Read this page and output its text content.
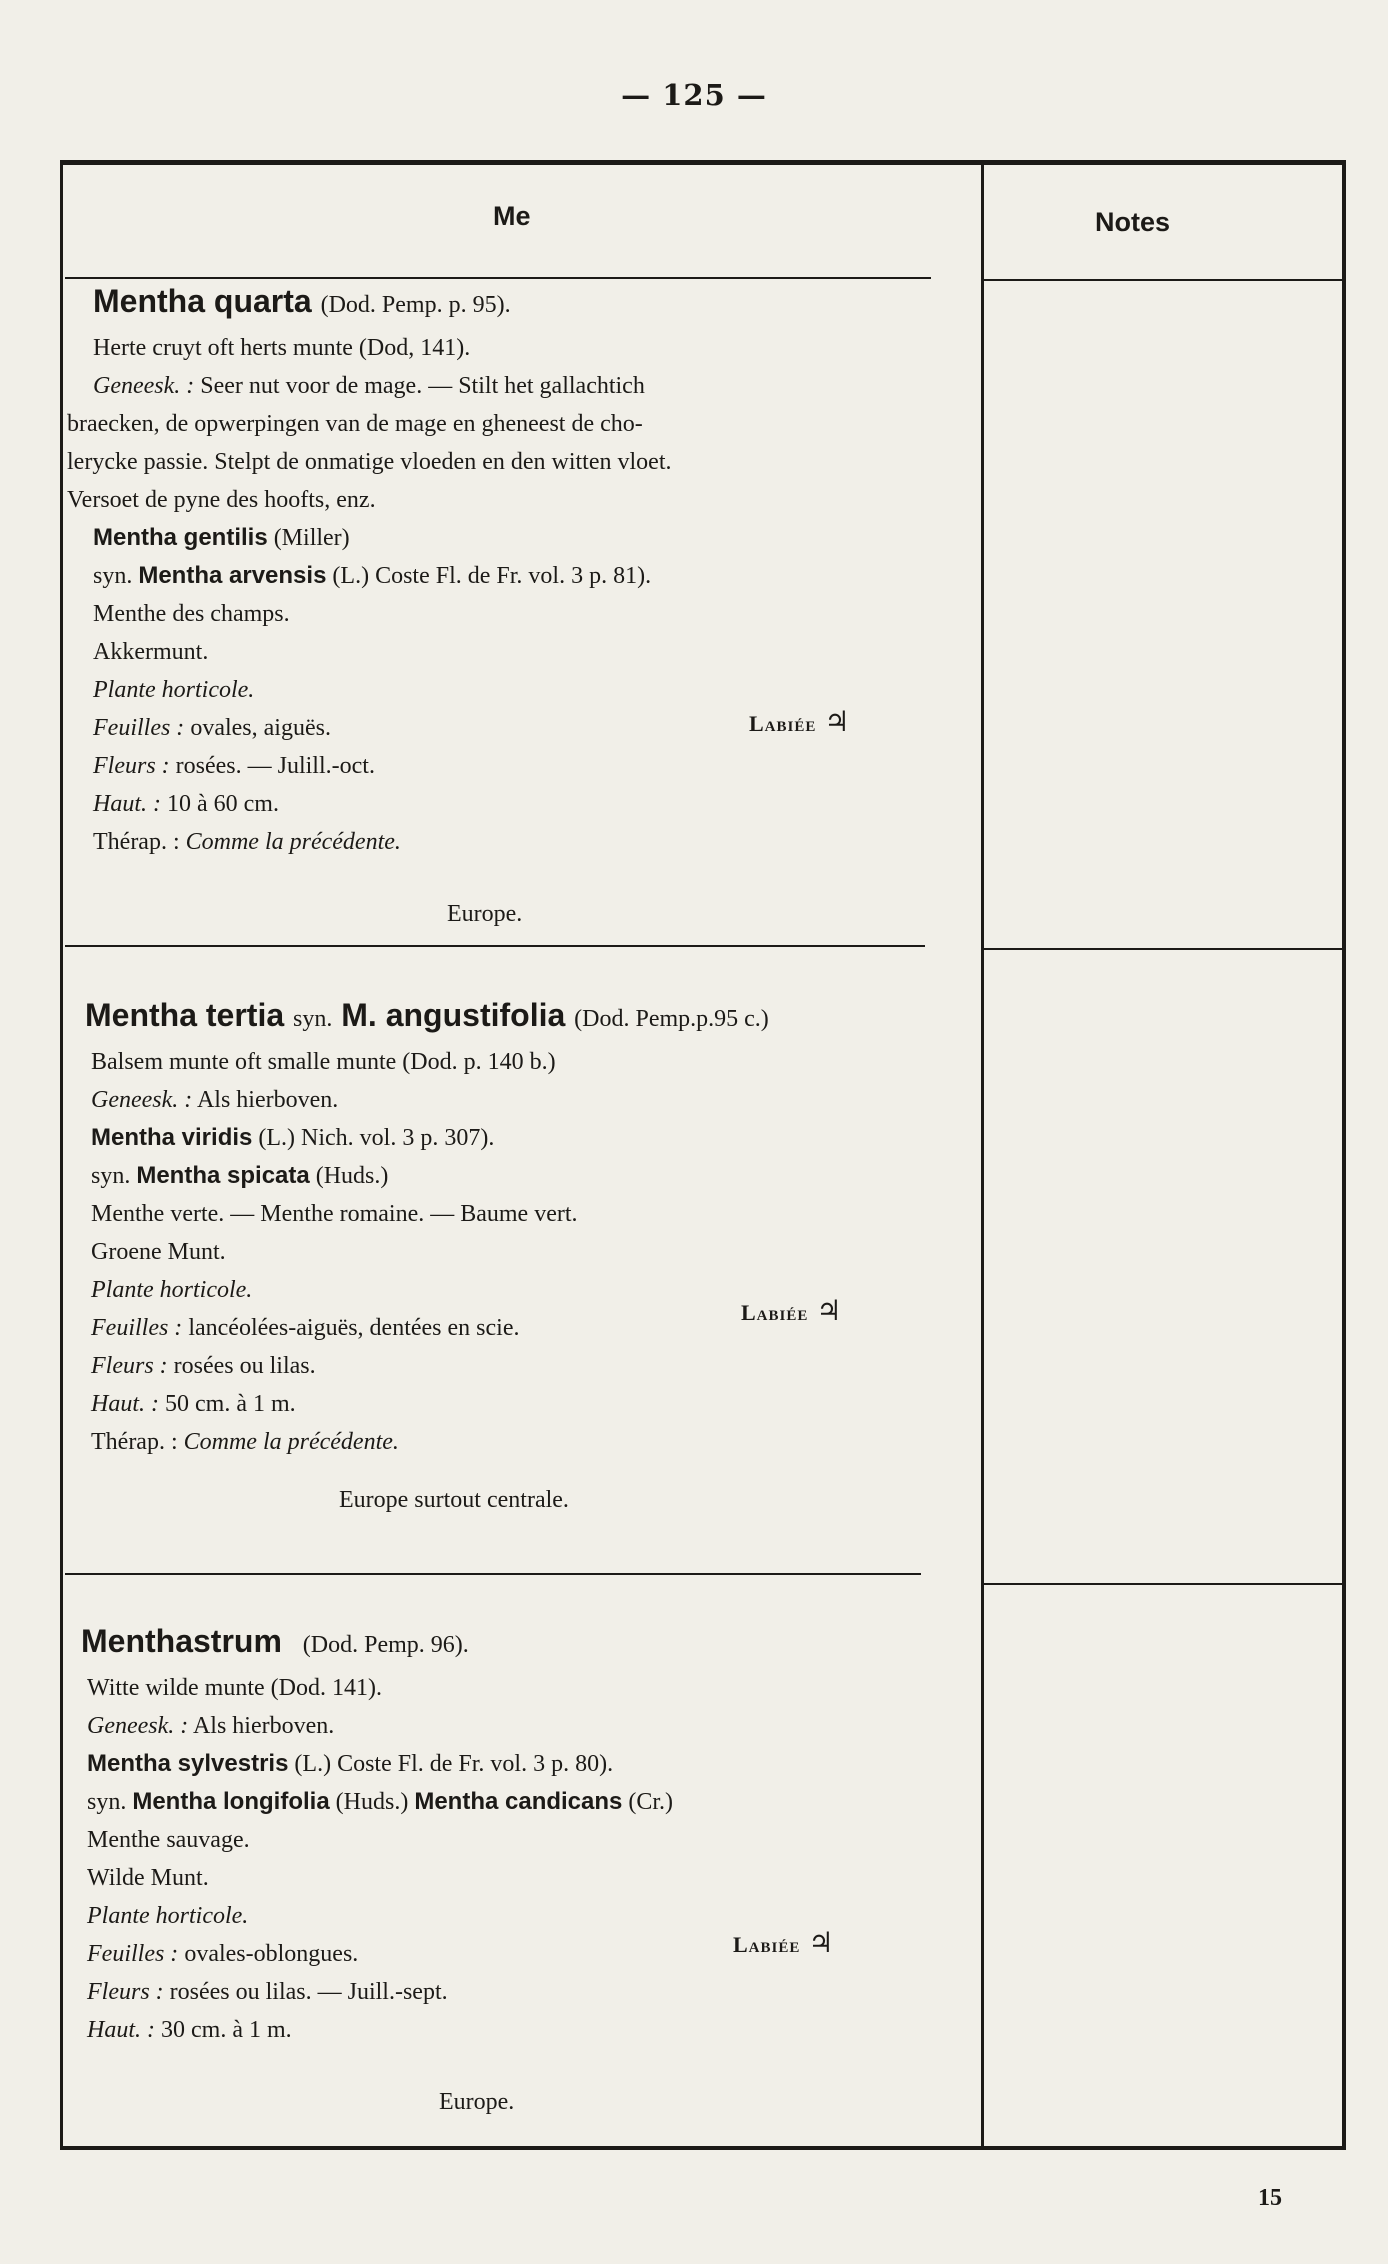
— 125 —
Me	Notes
Mentha quarta (Dod. Pemp. p. 95).
Herte cruyt oft herts munte (Dod, 141).
Geneesk. : Seer nut voor de mage. — Stilt het gallachtich
braecken, de opwerpingen van de mage en gheneest de cho-
lerycke passie. Stelpt de onmatige vloeden en den witten vloet.
Versoet de pyne des hoofts, enz.
Mentha gentilis (Miller)
syn. Mentha arvensis (L.) Coste Fl. de Fr. vol. 3 p. 81).
Menthe des champs.
Akkermunt.
Plante horticole.
Feuilles : ovales, aiguës.
Fleurs : rosées. — Julill.-oct.
Haut. : 10 à 60 cm.
Thérap. : Comme la précédente.
Labiée ♃
Europe.
Mentha tertia syn. M. angustifolia (Dod. Pemp.p.95 c.)
Balsem munte oft smalle munte (Dod. p. 140 b.)
Geneesk. : Als hierboven.
Mentha viridis (L.) Nich. vol. 3 p. 307).
syn. Mentha spicata (Huds.)
Menthe verte. — Menthe romaine. — Baume vert.
Groene Munt.
Plante horticole.
Feuilles : lancéolées-aiguës, dentées en scie.
Fleurs : rosées ou lilas.
Haut. : 50 cm. à 1 m.
Thérap. : Comme la précédente.
Labiée ♃
Europe surtout centrale.
Menthastrum (Dod. Pemp. 96).
Witte wilde munte (Dod. 141).
Geneesk. : Als hierboven.
Mentha sylvestris (L.) Coste Fl. de Fr. vol. 3 p. 80).
syn. Mentha longifolia (Huds.) Mentha candicans (Cr.)
Menthe sauvage.
Wilde Munt.
Plante horticole.
Feuilles : ovales-oblongues.
Fleurs : rosées ou lilas. — Juill.-sept.
Haut. : 30 cm. à 1 m.
Labiée ♃
Europe.
15
